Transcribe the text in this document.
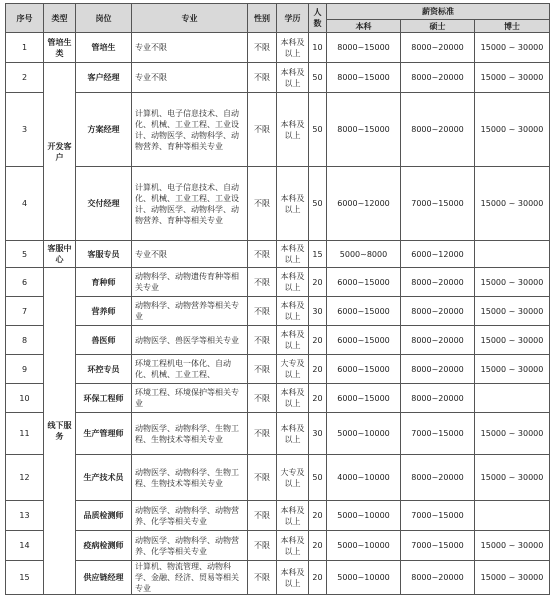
序号	类型	岗位	专业	性别	学历	人数	薪资标准		
							本科	硕士	博士
1	管培生类	管培生	专业不限	不限	本科及以上	10	8000~15000	8000~20000	15000 ~ 30000
2	开发客户	客户经理	专业不限	不限	本科及以上	50	8000~15000	8000~20000	15000 ~ 30000
3		方案经理	计算机、电子信息技术、自动化、机械、工业工程、工业设计、动物医学、动物科学、动物营养、育种等相关专业	不限	本科及以上	50	8000~15000	8000~20000	15000 ~ 30000
4		交付经理	计算机、电子信息技术、自动化、机械、工业工程、工业设计、动物医学、动物科学、动物营养、育种等相关专业	不限	本科及以上	50	6000~12000	7000~15000	15000 ~ 30000
5	客服中心	客服专员	专业不限	不限	本科及以上	15	5000~8000	6000~12000	
6	线下服务	育种师	动物科学、动物遗传育种等相关专业	不限	本科及以上	20	6000~15000	8000~20000	15000 ~ 30000
7		营养师	动物科学、动物营养等相关专业	不限	本科及以上	30	6000~15000	8000~20000	15000 ~ 30000
8		兽医师	动物医学、兽医学等相关专业	不限	本科及以上	20	6000~15000	8000~20000	15000 ~ 30000
9		环控专员	环境工程机电一体化、自动化、机械、工业工程、	不限	大专及以上	20	6000~15000	8000~20000	15000 ~ 30000
10		环保工程师	环境工程、环境保护等相关专业	不限	本科及以上	20	6000~15000	8000~20000	
11		生产管理师	动物医学、动物科学、生物工程、生物技术等相关专业	不限	本科及以上	30	5000~10000	7000~15000	15000 ~ 30000
12		生产技术员	动物医学、动物科学、生物工程、生物技术等相关专业	不限	大专及以上	50	4000~10000	8000~20000	15000 ~ 30000
13		品质检测师	动物医学、动物科学、动物营养、化学等相关专业	不限	本科及以上	20	5000~10000	7000~15000	
14		疫病检测师	动物医学、动物科学、动物营养、化学等相关专业	不限	本科及以上	20	5000~10000	7000~15000	15000 ~ 30000
15		供应链经理	计算机、物流管理、动物科学、金融、经济、贸易等相关专业	不限	本科及以上	20	5000~10000	8000~20000	15000 ~ 30000
